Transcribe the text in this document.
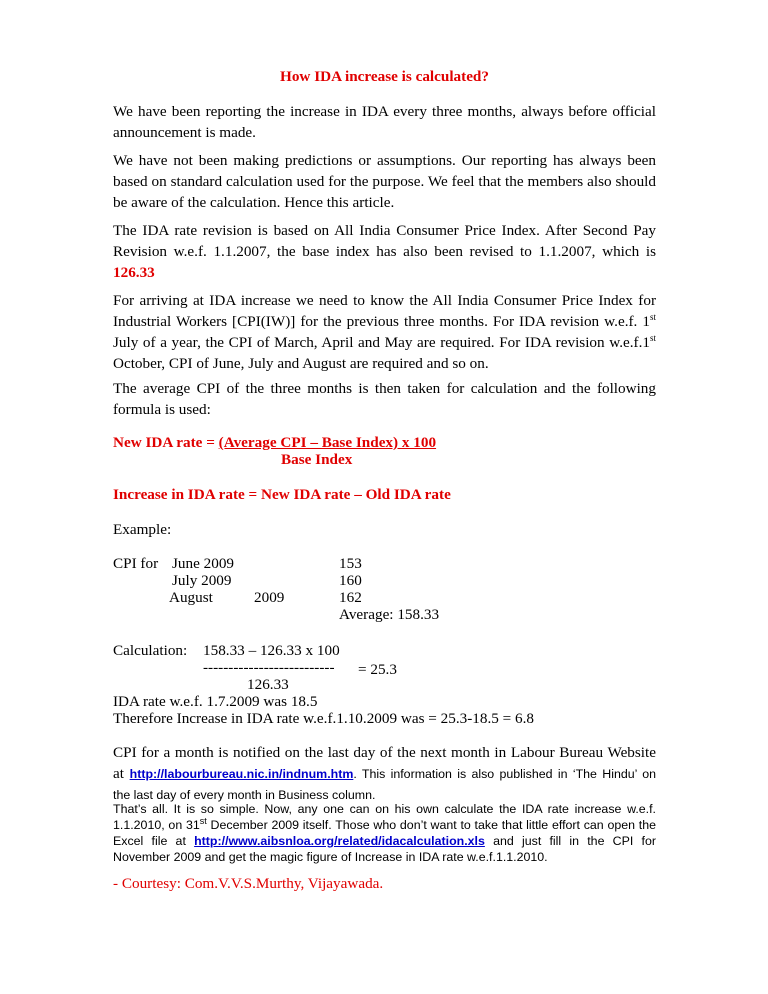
How IDA increase is calculated?
We have been reporting the increase in IDA every three months, always before official announcement is made.
We have not been making predictions or assumptions. Our reporting has always been based on standard calculation used for the purpose. We feel that the members also should be aware of the calculation. Hence this article.
The IDA rate revision is based on All India Consumer Price Index. After Second Pay Revision w.e.f. 1.1.2007, the base index has also been revised to 1.1.2007, which is 126.33
For arriving at IDA increase we need to know the All India Consumer Price Index for Industrial Workers [CPI(IW)] for the previous three months. For IDA revision w.e.f. 1st July of a year, the CPI of March, April and May are required. For IDA revision w.e.f.1st October, CPI of June, July and August are required and so on.
The average CPI of the three months is then taken for calculation and the following formula is used:
New IDA rate = (Average CPI – Base Index) x 100
Base Index
Increase in IDA rate = New IDA rate – Old IDA rate
Example:
CPI for June 2009	153
July 2009	160
August	2009	162
Average: 158.33
Calculation: 158.33 – 126.33 x 100
-------------------------- = 25.3
126.33
IDA rate w.e.f. 1.7.2009 was 18.5
Therefore Increase in IDA rate w.e.f.1.10.2009 was = 25.3-18.5 = 6.8
CPI for a month is notified on the last day of the next month in Labour Bureau Website at http://labourbureau.nic.in/indnum.htm. This information is also published in ‘The Hindu’ on the last day of every month in Business column.
That’s all. It is so simple. Now, any one can on his own calculate the IDA rate increase w.e.f. 1.1.2010, on 31st December 2009 itself. Those who don’t want to take that little effort can open the Excel file at http://www.aibsnloa.org/related/idacalculation.xls and just fill in the CPI for November 2009 and get the magic figure of Increase in IDA rate w.e.f.1.1.2010.
- Courtesy: Com.V.V.S.Murthy, Vijayawada.
